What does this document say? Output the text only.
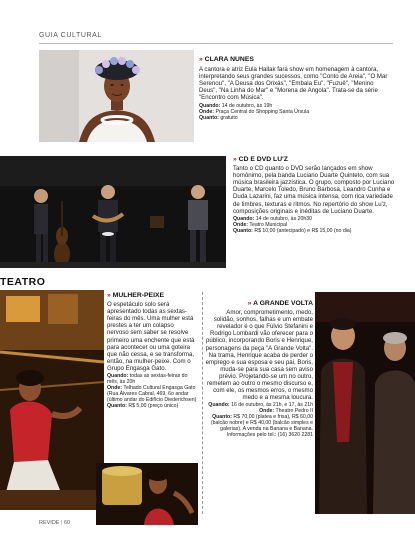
GUIA CULTURAL
» CLARA NUNES
A cantora e atriz Eula Hallak fará show em homenagem à cantora, interpretando seus grandes sucessos, como "Conto de Areia", "O Mar Serenou", "A Deusa dos Orixás", "Embala Eu", "Fuzuê", "Menino Deus", "Na Linha do Mar" e "Morena de Angola". Trata-se da série "Encontro com Música".
Quando: 14 de outubro, às 19h
Onde: Praça Central do Shopping Santa Úrsula
Quanto: gratuito
» CD E DVD LU'Z
Tanto o CD quanto o DVD serão lançados em show homônimo, pela banda Luciano Duarte Quinteto, com sua música brasileira jazzística. O grupo, composto por Luciano Duarte, Marcelo Toledo, Bruno Barbosa, Leandro Cunha e Duda Lazarini, faz uma música intensa, com rica variedade de timbres, texturas e ritmos. No repertório do show Lu'z, composições originais e inéditas de Luciano Duarte.
Quando: 14 de outubro, às 20h30
Onde: Teatro Municipal
Quanto: R$ 10,00 (antecipado) e R$ 15,00 (no dia)
TEATRO
» MULHER-PEIXE
O espetáculo solo será apresentado todas as sextas-feiras do mês. Uma mulher está prestes a ter um colapso nervoso sem saber se resolve primeiro uma enchente que está para acontecer ou uma goteira que não cessa, e se transforma, então, na mulher-peixe. Com o Grupo Engasga Gato.
Quando: todas as sextas-feiras do mês, às 20h
Onde: Telhado Cultural Engasga Gato (Rua Álvares Cabral, 469, 6o andar (último andar do Edifício Diederichsen)
Quanto: R$ 5,00 (preço único)
» A GRANDE VOLTA
Amor, comprometimento, medo, solidão, sonhos, falhas e um embate revelador é o que Fúlvio Stefanini e Rodrigo Lombardi vão oferecer para o público, incorporando Boris e Henrique, personagens da peça "A Grande Volta". Na trama, Henrique acaba de perder o emprego e sua esposa e seu pai, Boris, muda-se para sua casa sem aviso prévio. Projetando-se um no outro, remetem ao outro o mesmo discurso e, com ele, os mesmos erros, o mesmo medo e a mesma loucura.
Quando: 16 de outubro, às 21h, e 17, às 21h
Onde: Theatro Pedro II
Quanto: R$ 70,00 (platea e frisa), R$ 60,00 (balcão nobre) e R$ 40,00 (balcão simples e galerias). A venda na Banana e Banana. Informações pelo tel.: (16) 3620 2281
REVIDE | 60
